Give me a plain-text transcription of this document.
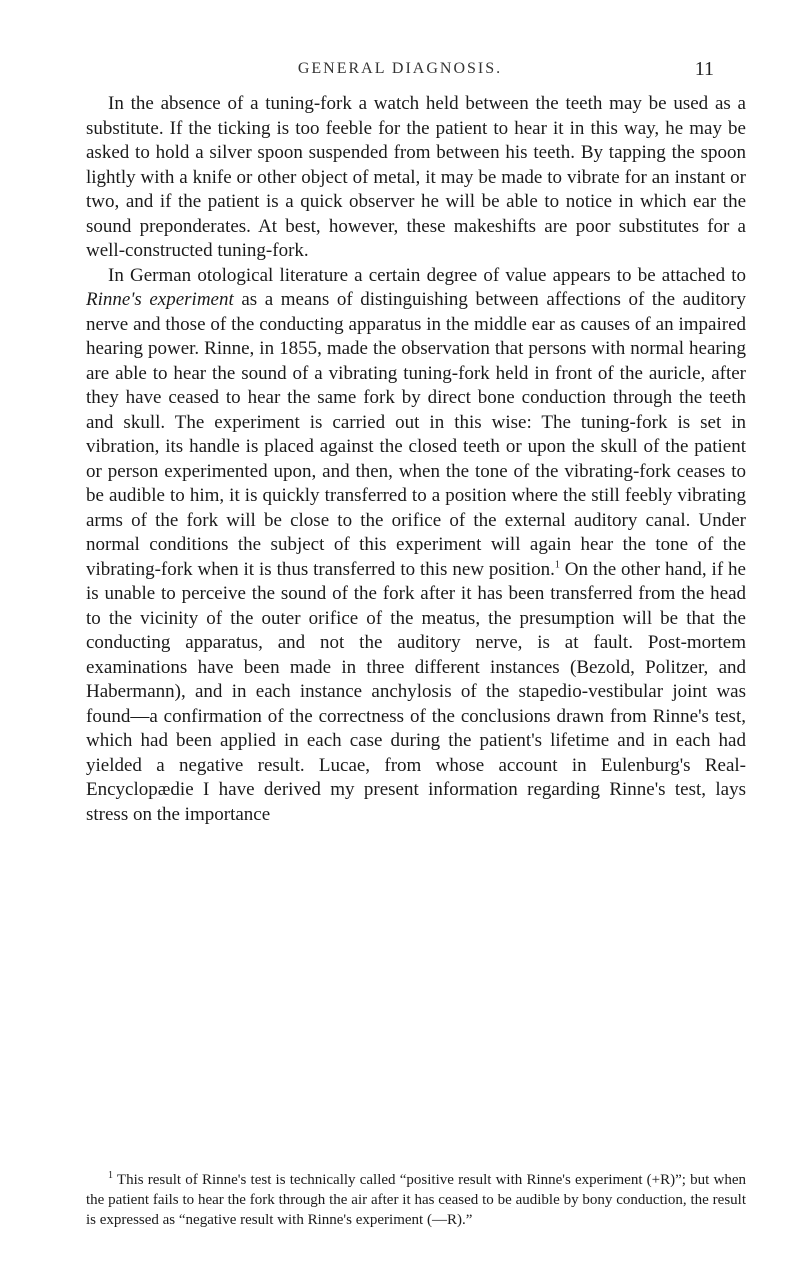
GENERAL DIAGNOSIS.	11

In the absence of a tuning-fork a watch held between the teeth may be used as a substitute. If the ticking is too feeble for the patient to hear it in this way, he may be asked to hold a silver spoon suspended from between his teeth. By tapping the spoon lightly with a knife or other object of metal, it may be made to vibrate for an instant or two, and if the patient is a quick observer he will be able to notice in which ear the sound preponderates. At best, however, these makeshifts are poor substitutes for a well-constructed tuning-fork.

In German otological literature a certain degree of value appears to be attached to Rinne's experiment as a means of distinguishing between affections of the auditory nerve and those of the conducting apparatus in the middle ear as causes of an impaired hearing power. Rinne, in 1855, made the observation that persons with normal hearing are able to hear the sound of a vibrating tuning-fork held in front of the auricle, after they have ceased to hear the same fork by direct bone conduction through the teeth and skull. The experiment is carried out in this wise: The tuning-fork is set in vibration, its handle is placed against the closed teeth or upon the skull of the patient or person experimented upon, and then, when the tone of the vibrating-fork ceases to be audible to him, it is quickly transferred to a position where the still feebly vibrating arms of the fork will be close to the orifice of the external auditory canal. Under normal conditions the subject of this experiment will again hear the tone of the vibrating-fork when it is thus transferred to this new position.$^1$ On the other hand, if he is unable to perceive the sound of the fork after it has been transferred from the head to the vicinity of the outer orifice of the meatus, the presumption will be that the conducting apparatus, and not the auditory nerve, is at fault. Post-mortem examinations have been made in three different instances (Bezold, Politzer, and Habermann), and in each instance anchylosis of the stapedio-vestibular joint was found—a confirmation of the correctness of the conclusions drawn from Rinne's test, which had been applied in each case during the patient's lifetime and in each had yielded a negative result. Lucae, from whose account in Eulenburg's Real-Encyclopædie I have derived my present information regarding Rinne's test, lays stress on the importance

$^1$ This result of Rinne's test is technically called “positive result with Rinne's experiment (+R)”; but when the patient fails to hear the fork through the air after it has ceased to be audible by bony conduction, the result is expressed as “negative result with Rinne's experiment (—R).”
